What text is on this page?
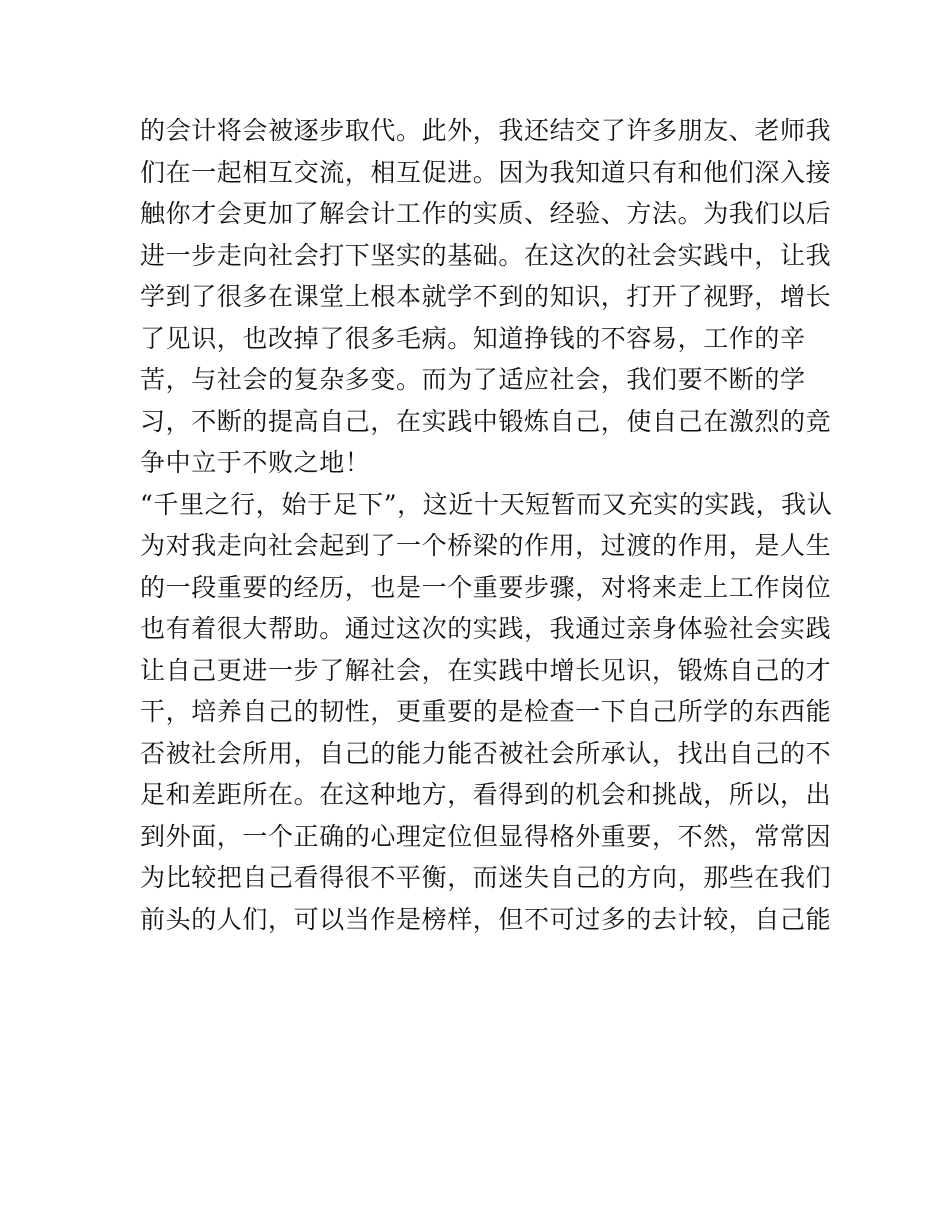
的会计将会被逐步取代。此外，我还结交了许多朋友、老师我
们在一起相互交流，相互促进。因为我知道只有和他们深入接
触你才会更加了解会计工作的实质、经验、方法。为我们以后
进一步走向社会打下坚实的基础。在这次的社会实践中，让我
学到了很多在课堂上根本就学不到的知识，打开了视野，增长
了见识，也改掉了很多毛病。知道挣钱的不容易，工作的辛
苦，与社会的复杂多变。而为了适应社会，我们要不断的学
习，不断的提高自己，在实践中锻炼自己，使自己在激烈的竞
争中立于不败之地！
“千里之行，始于足下”，这近十天短暂而又充实的实践，我认
为对我走向社会起到了一个桥梁的作用，过渡的作用，是人生
的一段重要的经历，也是一个重要步骤，对将来走上工作岗位
也有着很大帮助。通过这次的实践，我通过亲身体验社会实践
让自己更进一步了解社会，在实践中增长见识，锻炼自己的才
干，培养自己的韧性，更重要的是检查一下自己所学的东西能
否被社会所用，自己的能力能否被社会所承认，找出自己的不
足和差距所在。在这种地方，看得到的机会和挑战，所以，出
到外面，一个正确的心理定位但显得格外重要，不然，常常因
为比较把自己看得很不平衡，而迷失自己的方向，那些在我们
前头的人们，可以当作是榜样，但不可过多的去计较，自己能
